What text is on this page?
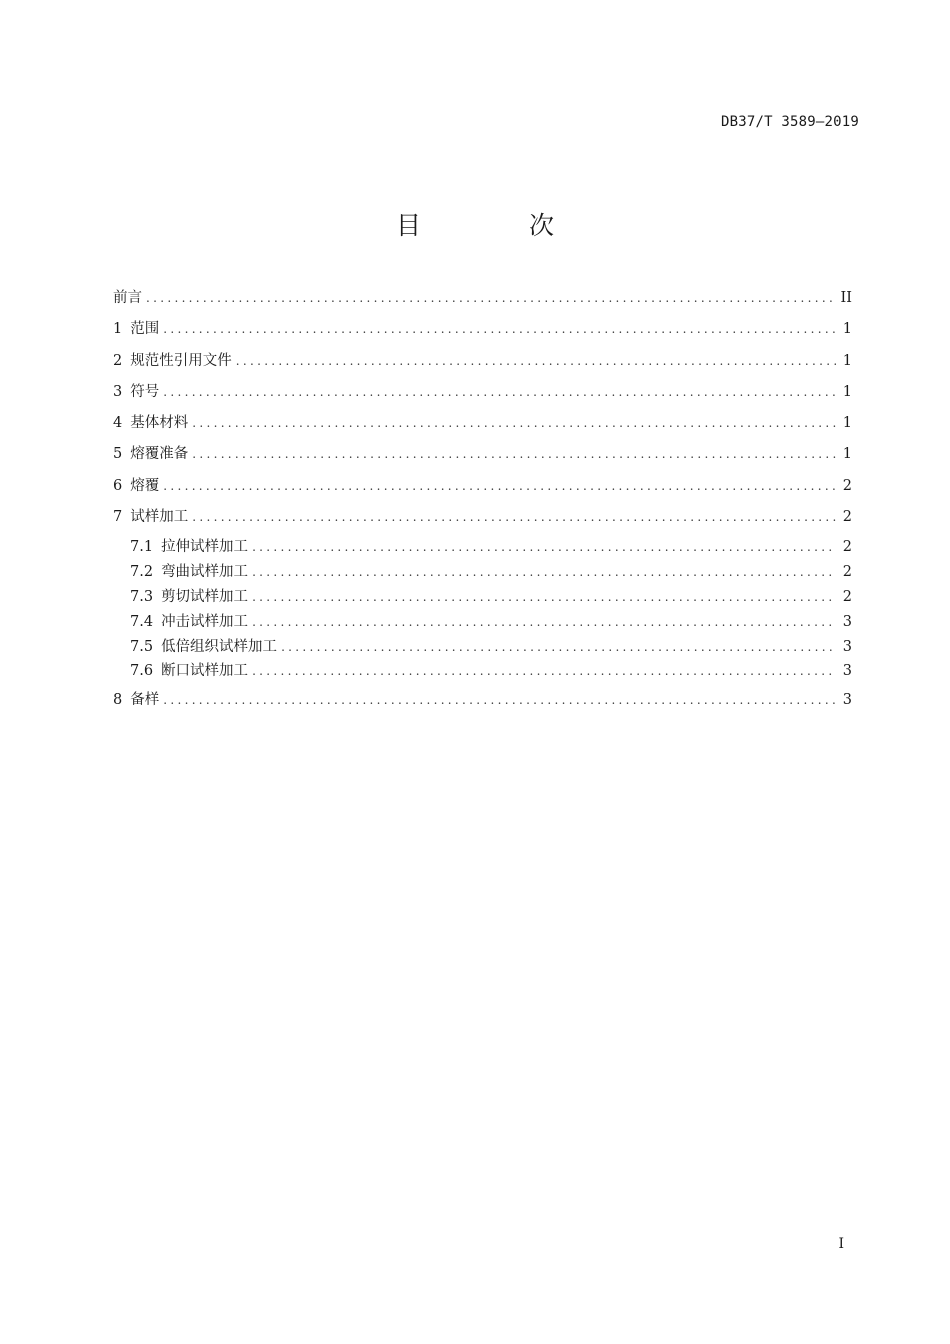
DB37/T 3589—2019
目 次
前言 .....	II
1 范围 .....	1
2 规范性引用文件 .....	1
3 符号 .....	1
4 基体材料 .....	1
5 熔覆准备 .....	1
6 熔覆 .....	2
7 试样加工 .....	2
7.1 拉伸试样加工 .....	2
7.2 弯曲试样加工 .....	2
7.3 剪切试样加工 .....	2
7.4 冲击试样加工 .....	3
7.5 低倍组织试样加工 .....	3
7.6 断口试样加工 .....	3
8 备样 .....	3
I
